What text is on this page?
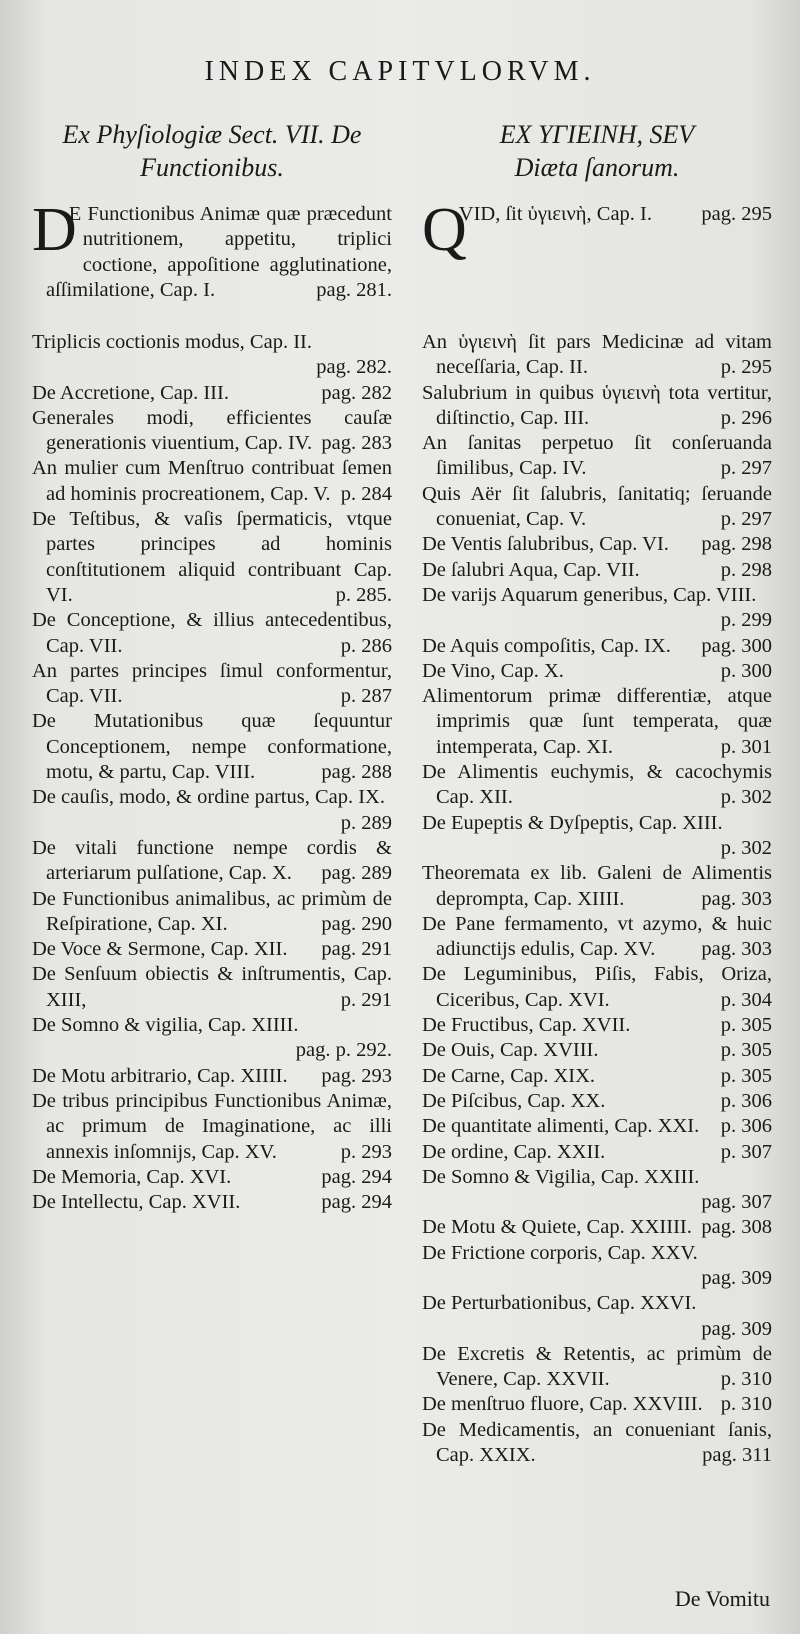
INDEX CAPITVLORVM.
Ex Phyſiologiæ Sect. VII. De
Functionibus.
D
E Functionibus Animæ quæ præcedunt nutritionem, appetitu, triplici coctione, appoſitione agglutinatione, aſſimilatione, Cap. I.	pag. 281.
Triplicis coctionis modus, Cap. II.
pag. 282.
De Accretione, Cap. III.	pag. 282
Generales modi, efficientes cauſæ generationis viuentium, Cap. IV. pag. 283
An mulier cum Menſtruo contribuat ſemen ad hominis procreationem, Cap. V. p. 284
De Teſtibus, & vaſis ſpermaticis, vtque partes principes ad hominis conſtitutionem aliquid contribuant Cap. VI.	p. 285.
De Conceptione, & illius antecedentibus, Cap. VII.	p. 286
An partes principes ſimul conformentur, Cap. VII.	p. 287
De Mutationibus quæ ſequuntur Conceptionem, nempe conformatione, motu, & partu, Cap. VIII.	pag. 288
De cauſis, modo, & ordine partus, Cap. IX.
p. 289
De vitali functione nempe cordis & arteriarum pulſatione, Cap. X. pag. 289
De Functionibus animalibus, ac primùm de Reſpiratione, Cap. XI.	pag. 290
De Voce & Sermone, Cap. XII. pag. 291
De Senſuum obiectis & inſtrumentis, Cap. XIII,	p. 291
De Somno & vigilia, Cap. XIIII.
pag. p. 292.
De Motu arbitrario, Cap. XIIII. pag. 293
De tribus principibus Functionibus Animæ, ac primum de Imaginatione, ac illi annexis inſomnijs, Cap. XV.	p. 293
De Memoria, Cap. XVI.	pag. 294
De Intellectu, Cap. XVII.	pag. 294
EX ΥΓΙΕΙΝΗ, SEV
Diæta ſanorum.
Q
VID, ſit ὑγιεινὴ, Cap. I. pag. 295
An ὑγιεινὴ ſit pars Medicinæ ad vitam neceſſaria, Cap. II.	p. 295
Salubrium in quibus ὑγιεινὴ tota vertitur, diſtinctio, Cap. III.	p. 296
An ſanitas perpetuo ſit conſeruanda ſimilibus, Cap. IV.	p. 297
Quis Aër ſit ſalubris, ſanitatiq; ſeruande conueniat, Cap. V.	p. 297
De Ventis ſalubribus, Cap. VI. pag. 298
De ſalubri Aqua, Cap. VII.	p. 298
De varijs Aquarum generibus, Cap. VIII.
p. 299
De Aquis compoſitis, Cap. IX. pag. 300
De Vino, Cap. X.	p. 300
Alimentorum primæ differentiæ, atque imprimis quæ ſunt temperata, quæ intemperata, Cap. XI.	p. 301
De Alimentis euchymis, & cacochymis Cap. XII.	p. 302
De Eupeptis & Dyſpeptis, Cap. XIII.
p. 302
Theoremata ex lib. Galeni de Alimentis deprompta, Cap. XIIII.	pag. 303
De Pane fermamento, vt azymo, & huic adiunctijs edulis, Cap. XV. pag. 303
De Leguminibus, Piſis, Fabis, Oriza, Ciceribus, Cap. XVI.	p. 304
De Fructibus, Cap. XVII.	p. 305
De Ouis, Cap. XVIII.	p. 305
De Carne, Cap. XIX.	p. 305
De Piſcibus, Cap. XX.	p. 306
De quantitate alimenti, Cap. XXI. p. 306
De ordine, Cap. XXII.	p. 307
De Somno & Vigilia, Cap. XXIII.
pag. 307
De Motu & Quiete, Cap. XXIIII. pag. 308
De Frictione corporis, Cap. XXV.
pag. 309
De Perturbationibus, Cap. XXVI.
pag. 309
De Excretis & Retentis, ac primùm de Venere, Cap. XXVII.	p. 310
De menſtruo fluore, Cap. XXVIII. p. 310
De Medicamentis, an conueniant ſanis, Cap. XXIX.	pag. 311
De Vomitu
